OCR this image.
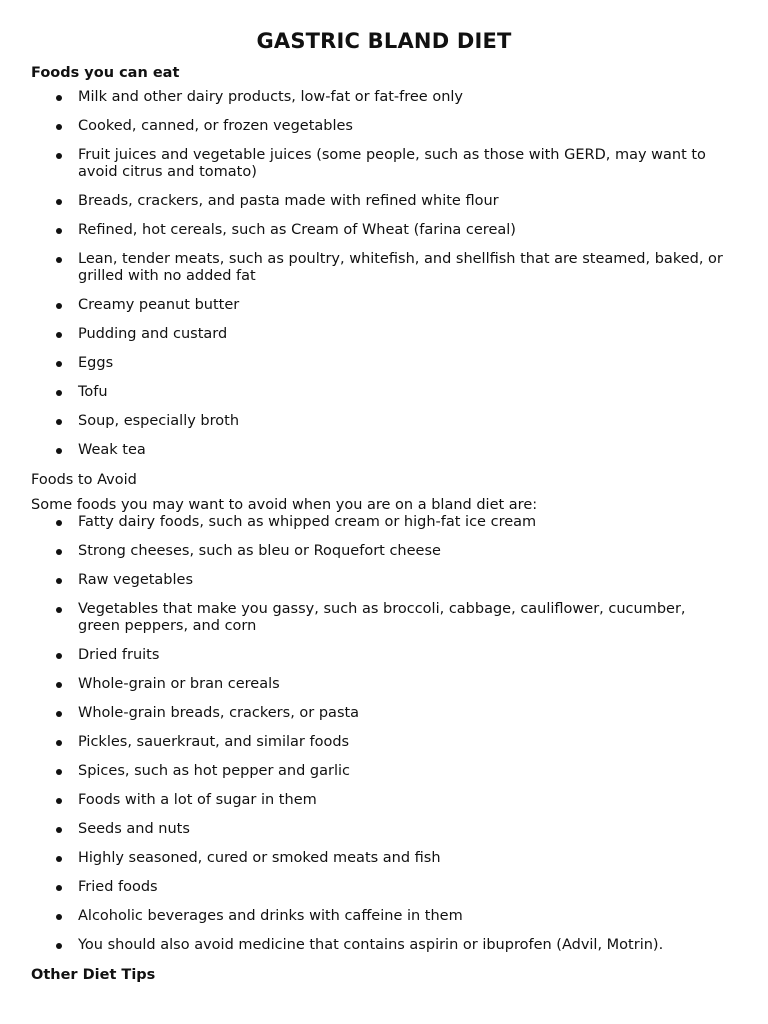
GASTRIC BLAND DIET
Foods you can eat
Milk and other dairy products, low-fat or fat-free only
Cooked, canned, or frozen vegetables
Fruit juices and vegetable juices (some people, such as those with GERD, may want to avoid citrus and tomato)
Breads, crackers, and pasta made with refined white flour
Refined, hot cereals, such as Cream of Wheat (farina cereal)
Lean, tender meats, such as poultry, whitefish, and shellfish that are steamed, baked, or grilled with no added fat
Creamy peanut butter
Pudding and custard
Eggs
Tofu
Soup, especially broth
Weak tea
Foods to Avoid

Some foods you may want to avoid when you are on a bland diet are:

Fatty dairy foods, such as whipped cream or high-fat ice cream
Strong cheeses, such as bleu or Roquefort cheese
Raw vegetables
Vegetables that make you gassy, such as broccoli, cabbage, cauliflower, cucumber, green peppers, and corn
Dried fruits
Whole-grain or bran cereals
Whole-grain breads, crackers, or pasta
Pickles, sauerkraut, and similar foods
Spices, such as hot pepper and garlic
Foods with a lot of sugar in them
Seeds and nuts
Highly seasoned, cured or smoked meats and fish
Fried foods
Alcoholic beverages and drinks with caffeine in them
You should also avoid medicine that contains aspirin or ibuprofen (Advil, Motrin).
Other Diet Tips
